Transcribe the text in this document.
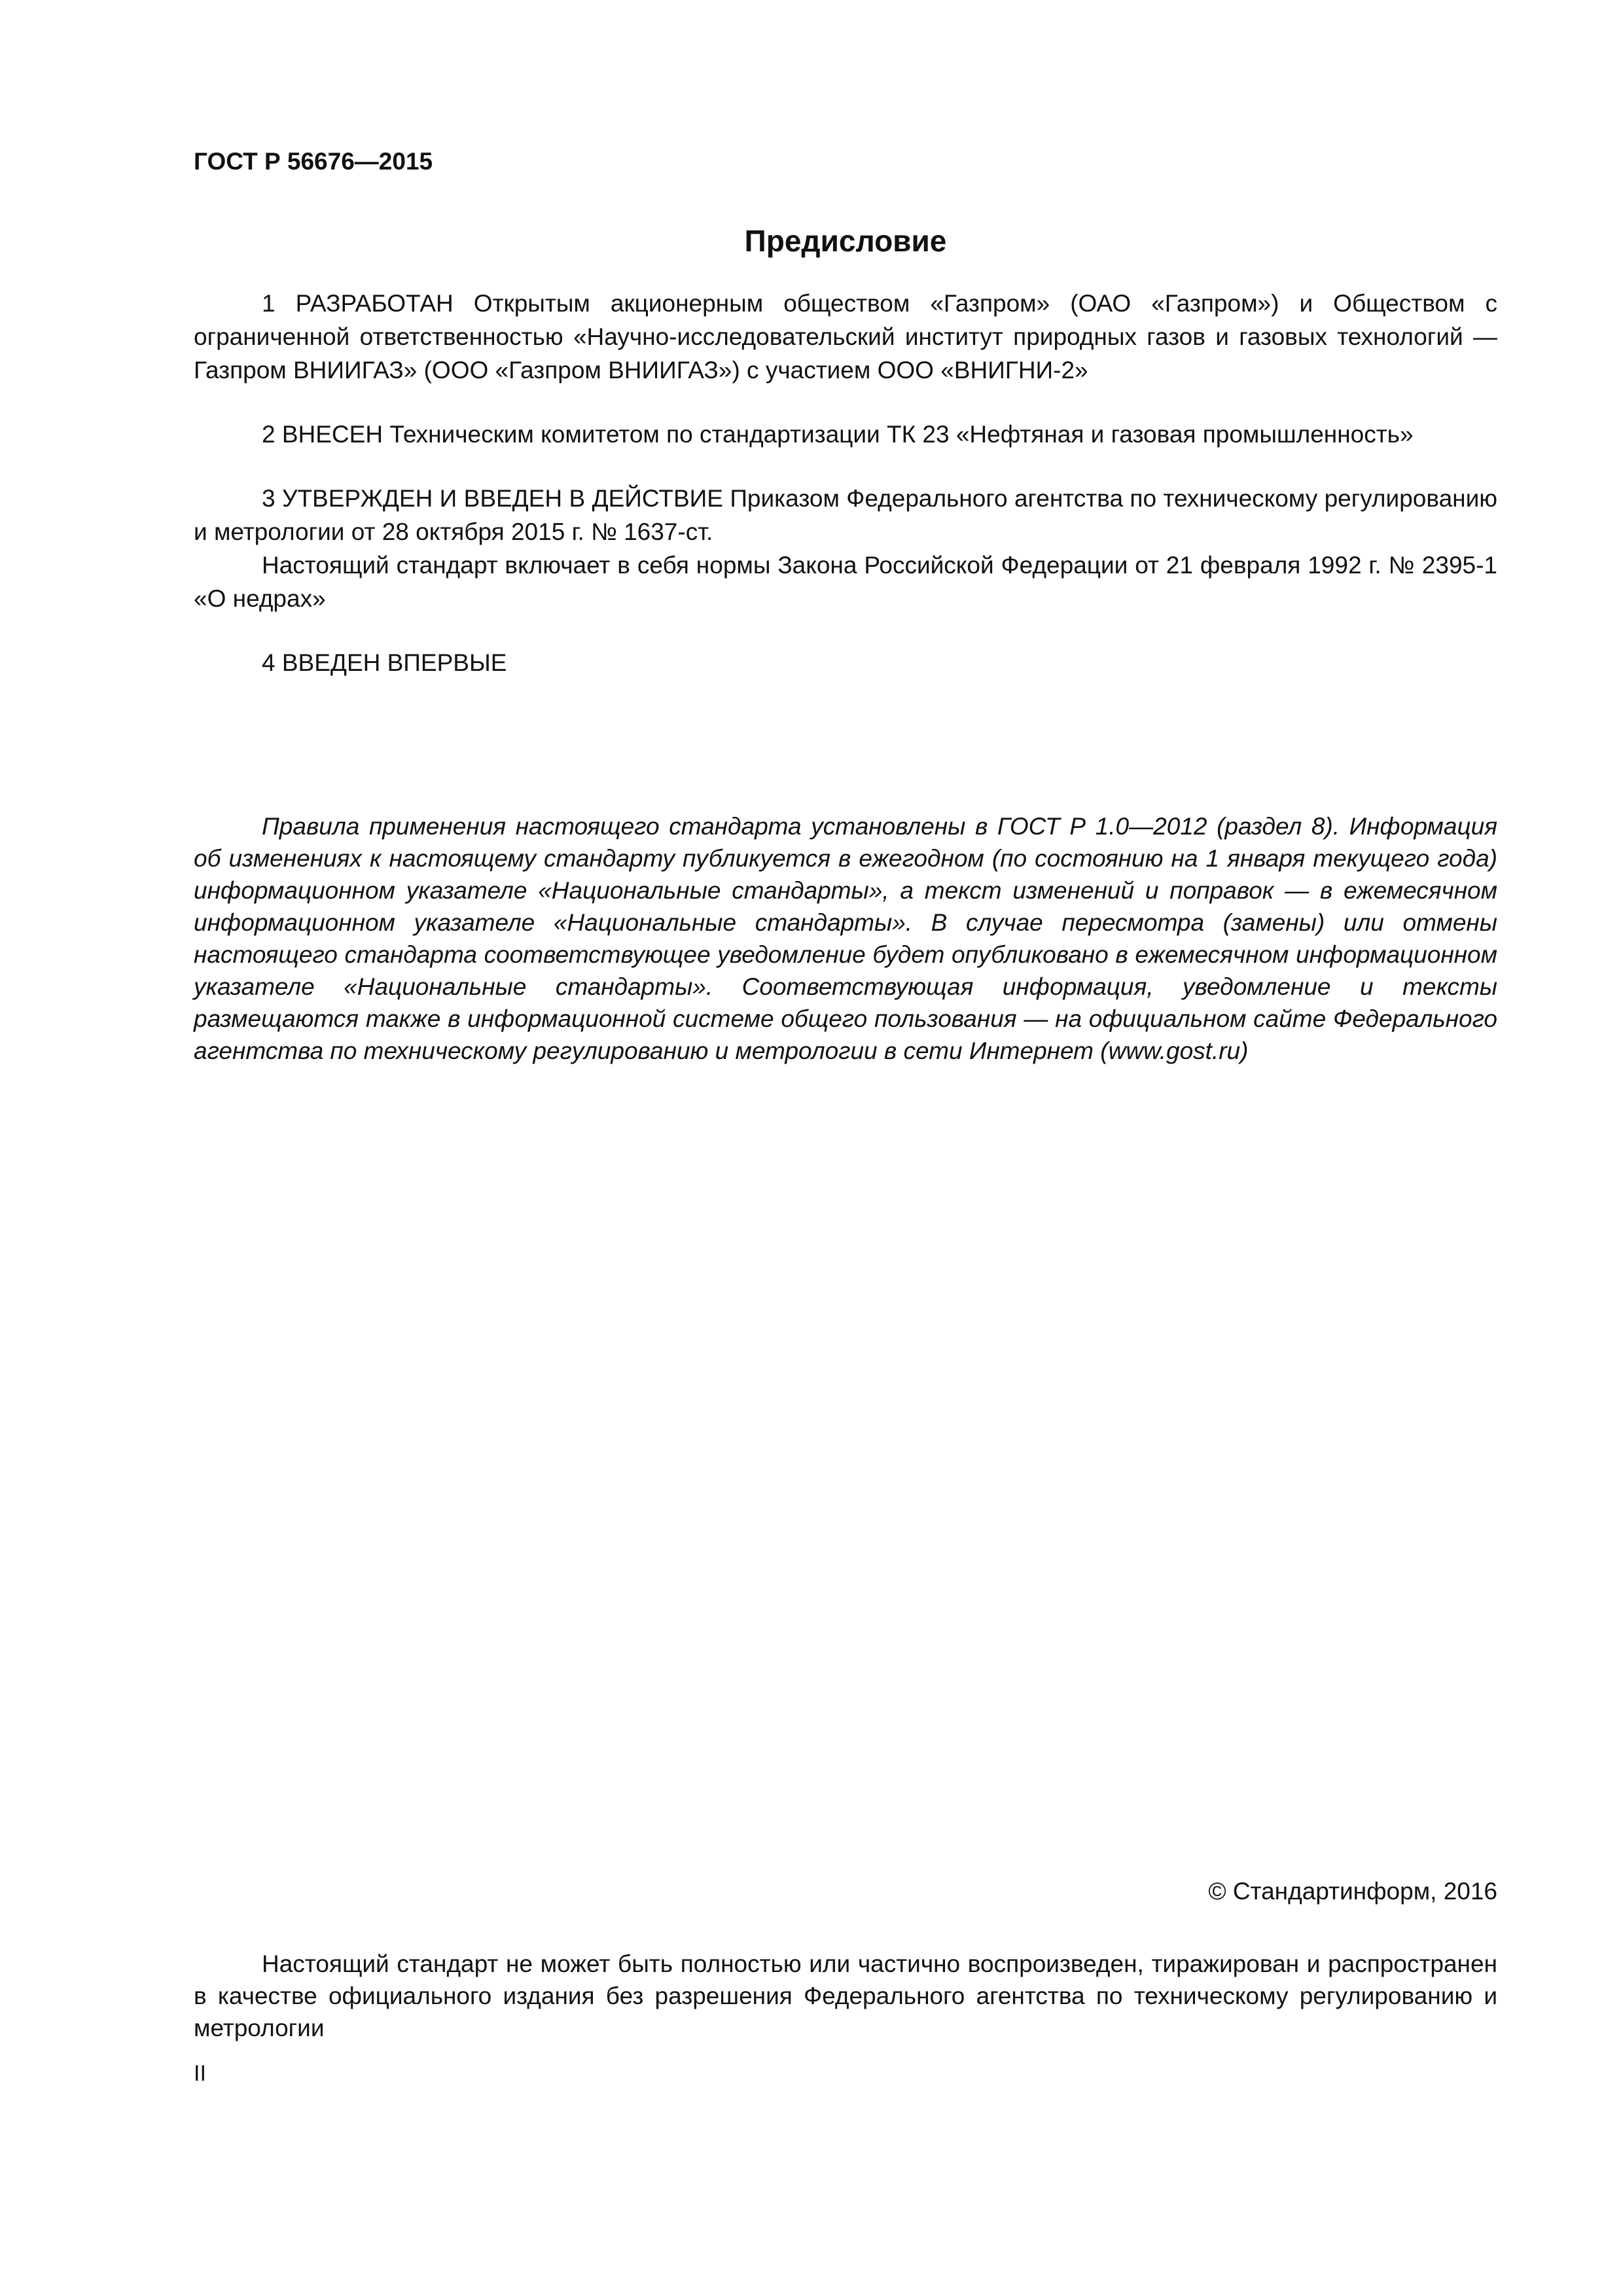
ГОСТ Р 56676—2015
Предисловие

1 РАЗРАБОТАН Открытым акционерным обществом «Газпром» (ОАО «Газпром») и Обществом с ограниченной ответственностью «Научно-исследовательский институт природных газов и газовых технологий — Газпром ВНИИГАЗ» (ООО «Газпром ВНИИГАЗ») с участием ООО «ВНИГНИ-2»

2 ВНЕСЕН Техническим комитетом по стандартизации ТК 23 «Нефтяная и газовая промышленность»

3 УТВЕРЖДЕН И ВВЕДЕН В ДЕЙСТВИЕ Приказом Федерального агентства по техническому регулированию и метрологии от 28 октября 2015 г. № 1637-ст.

Настоящий стандарт включает в себя нормы Закона Российской Федерации от 21 февраля 1992 г. № 2395-1 «О недрах»

4 ВВЕДЕН ВПЕРВЫЕ

Правила применения настоящего стандарта установлены в ГОСТ Р 1.0—2012 (раздел 8). Информация об изменениях к настоящему стандарту публикуется в ежегодном (по состоянию на 1 января текущего года) информационном указателе «Национальные стандарты», а текст изменений и поправок — в ежемесячном информационном указателе «Национальные стандарты». В случае пересмотра (замены) или отмены настоящего стандарта соответствующее уведомление будет опубликовано в ежемесячном информационном указателе «Национальные стандарты». Соответствующая информация, уведомление и тексты размещаются также в информационной системе общего пользования — на официальном сайте Федерального агентства по техническому регулированию и метрологии в сети Интернет (www.gost.ru)

© Стандартинформ, 2016

Настоящий стандарт не может быть полностью или частично воспроизведен, тиражирован и распространен в качестве официального издания без разрешения Федерального агентства по техническому регулированию и метрологии

II
